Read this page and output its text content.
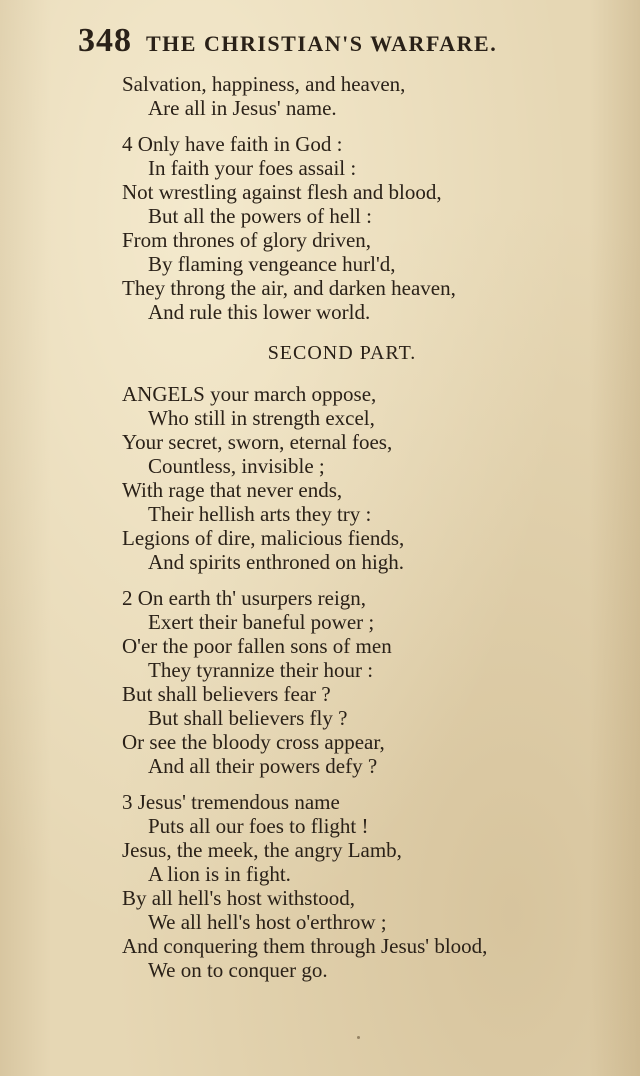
348 THE CHRISTIAN'S WARFARE.
Salvation, happiness, and heaven,
Are all in Jesus' name.
4 Only have faith in God :
In faith your foes assail :
Not wrestling against flesh and blood,
But all the powers of hell :
From thrones of glory driven,
By flaming vengeance hurl'd,
They throng the air, and darken heaven,
And rule this lower world.
SECOND PART.
ANGELS your march oppose,
Who still in strength excel,
Your secret, sworn, eternal foes,
Countless, invisible ;
With rage that never ends,
Their hellish arts they try :
Legions of dire, malicious fiends,
And spirits enthroned on high.
2 On earth th' usurpers reign,
Exert their baneful power ;
O'er the poor fallen sons of men
They tyrannize their hour :
But shall believers fear ?
But shall believers fly ?
Or see the bloody cross appear,
And all their powers defy ?
3 Jesus' tremendous name
Puts all our foes to flight !
Jesus, the meek, the angry Lamb,
A lion is in fight.
By all hell's host withstood,
We all hell's host o'erthrow ;
And conquering them through Jesus' blood,
We on to conquer go.
